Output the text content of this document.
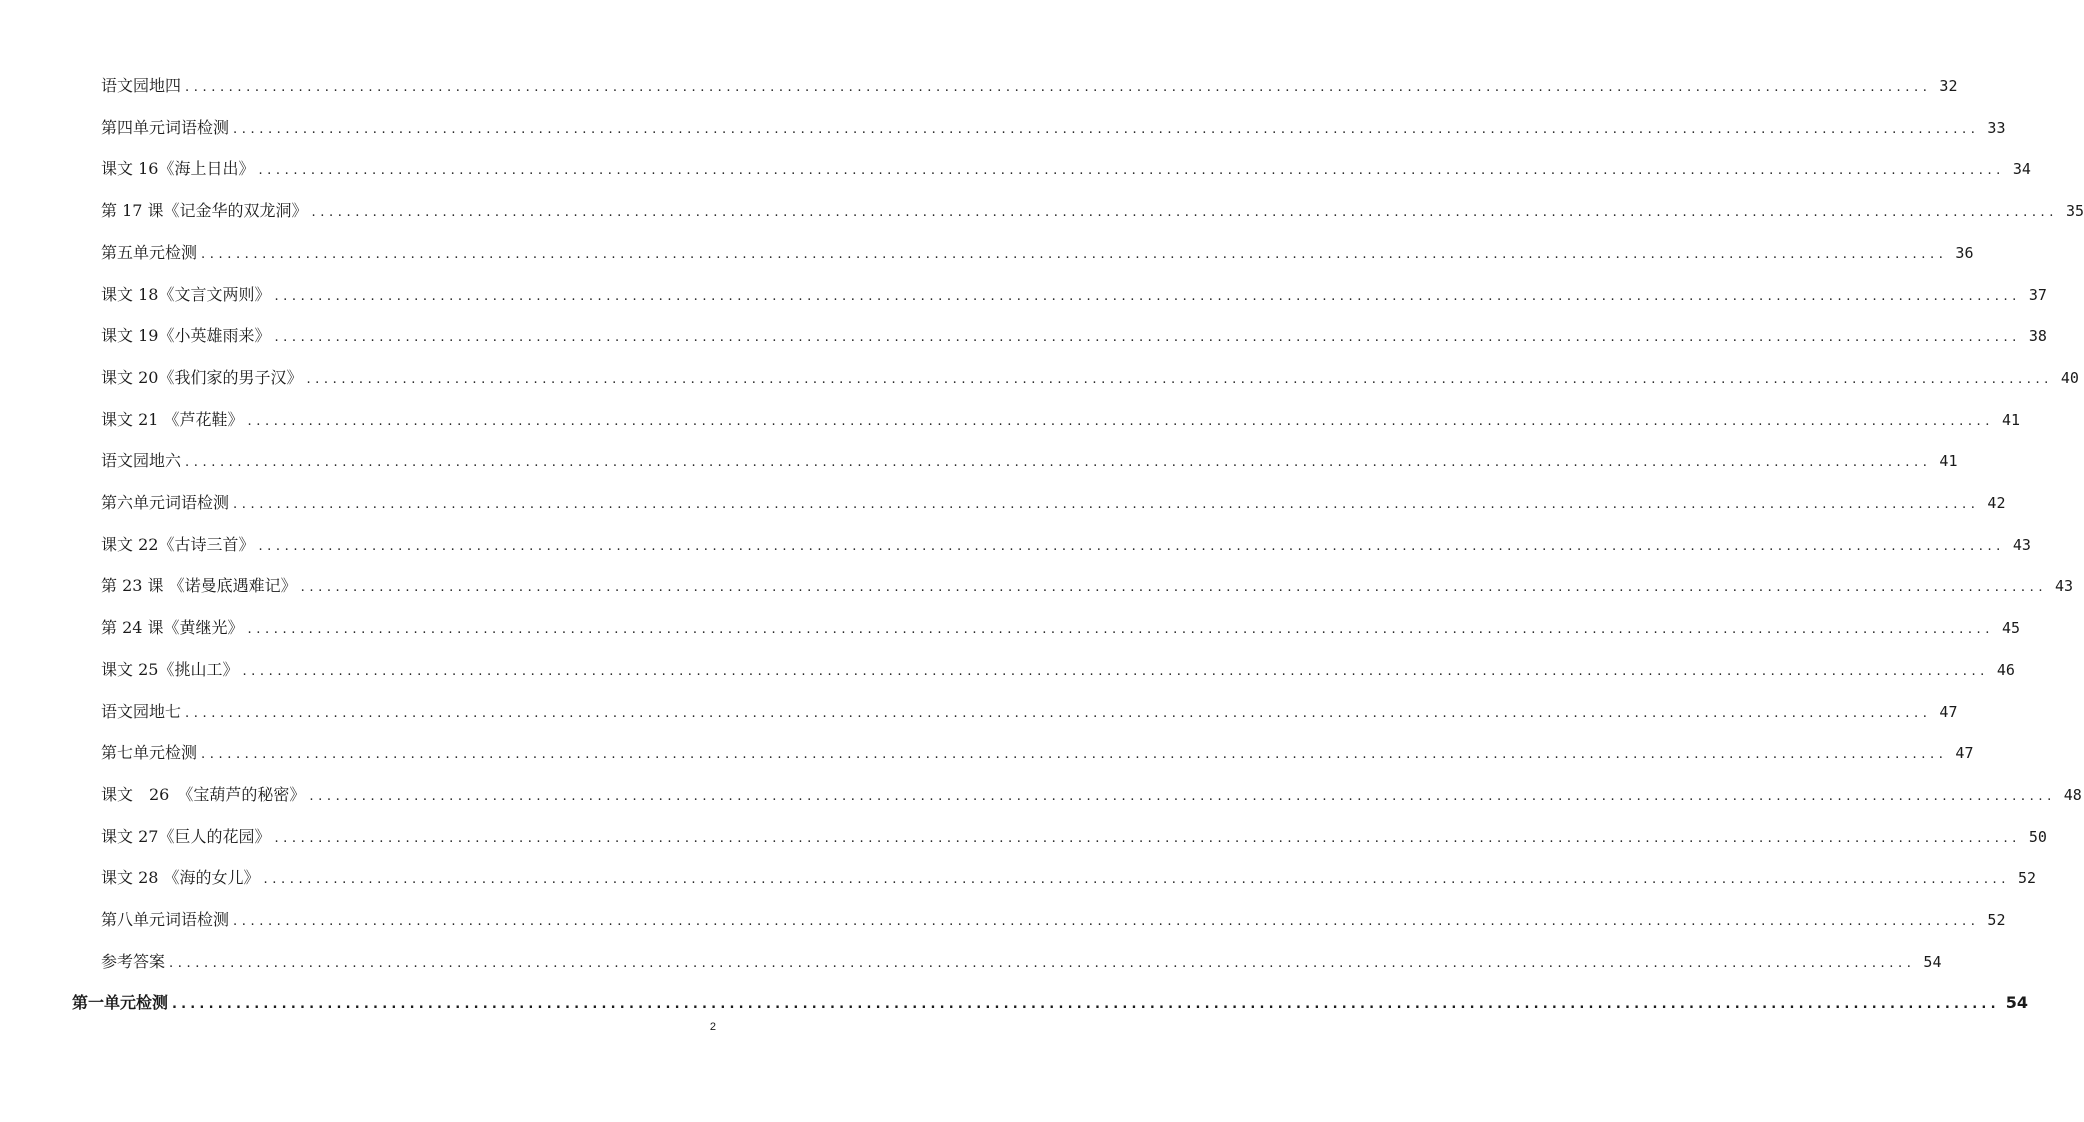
语文园地四 ........................................................................................................................................................................................................ 32
第四单元词语检测 ........................................................................................................................................................................................................ 33
课文 16《海上日出》 ........................................................................................................................................................................................................ 34
第 17 课《记金华的双龙洞》 ........................................................................................................................................................................................................ 35
第五单元检测 ........................................................................................................................................................................................................ 36
课文 18《文言文两则》 ........................................................................................................................................................................................................ 37
课文 19《小英雄雨来》 ........................................................................................................................................................................................................ 38
课文 20《我们家的男子汉》 ........................................................................................................................................................................................................ 40
课文 21 《芦花鞋》 ........................................................................................................................................................................................................ 41
语文园地六 ........................................................................................................................................................................................................ 41
第六单元词语检测 ........................................................................................................................................................................................................ 42
课文 22《古诗三首》 ........................................................................................................................................................................................................ 43
第 23 课 《诺曼底遇难记》 ........................................................................................................................................................................................................ 43
第 24 课《黄继光》 ........................................................................................................................................................................................................ 45
课文 25《挑山工》 ........................................................................................................................................................................................................ 46
语文园地七 ........................................................................................................................................................................................................ 47
第七单元检测 ........................................................................................................................................................................................................ 47
课文　26　《宝葫芦的秘密》 ........................................................................................................................................................................................................ 48
课文 27《巨人的花园》 ........................................................................................................................................................................................................ 50
课文 28 《海的女儿》 ........................................................................................................................................................................................................ 52
第八单元词语检测 ........................................................................................................................................................................................................ 52
参考答案 ........................................................................................................................................................................................................ 54
第一单元检测 ........................................................................................................................................................................................................ 54
2
